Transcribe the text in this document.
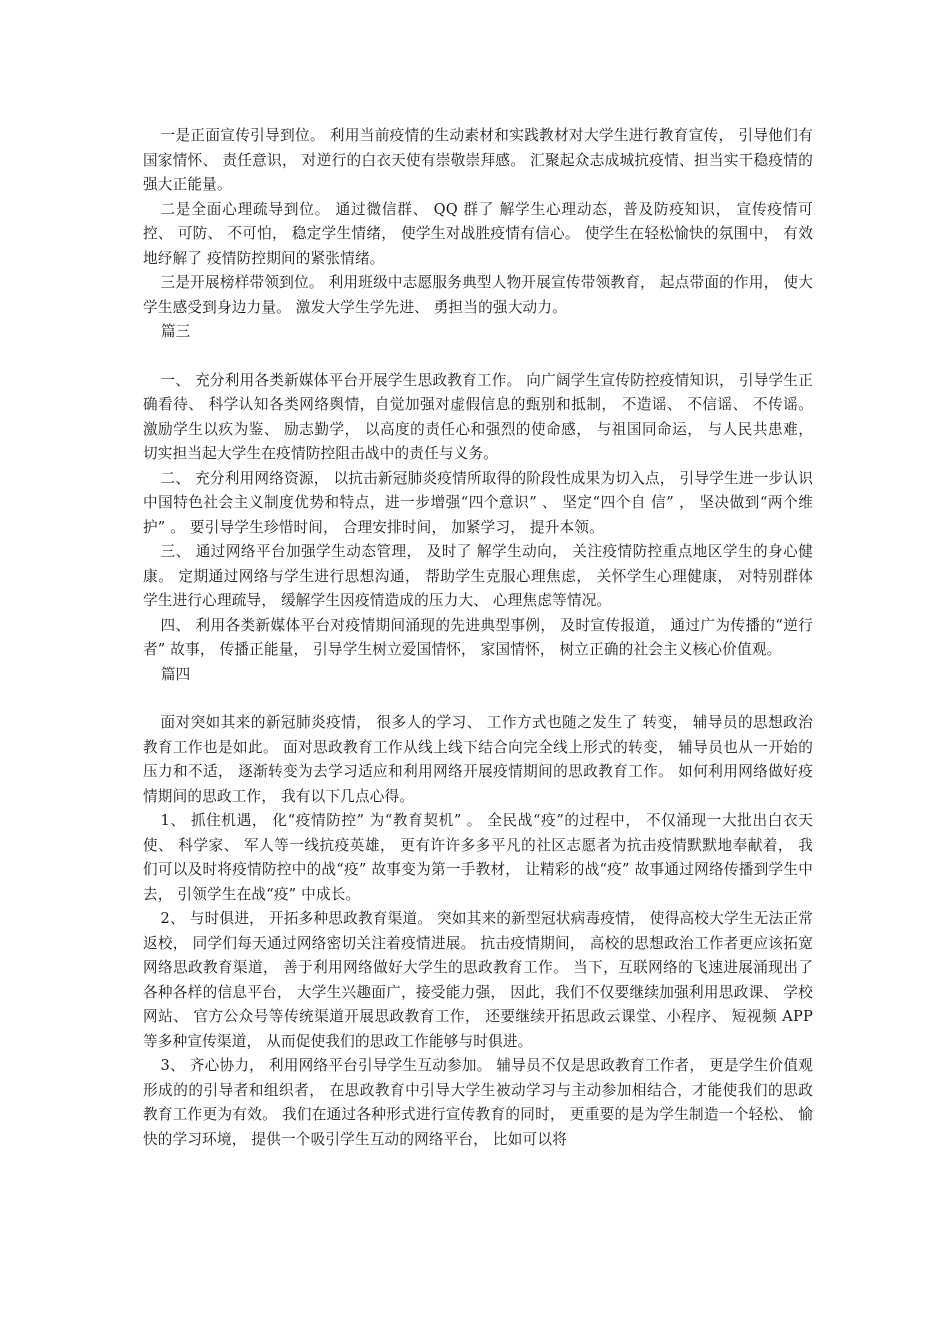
一是正面宣传引导到位。 利用当前疫情的生动素材和实践教材对大学生进行教育宣传， 引导他们有国家情怀、 责任意识， 对逆行的白衣天使有崇敬崇拜感。 汇聚起众志成城抗疫情、担当实干稳疫情的强大正能量。

二是全面心理疏导到位。 通过微信群、 QQ 群了 解学生心理动态，普及防疫知识， 宣传疫情可控、 可防、 不可怕， 稳定学生情绪， 使学生对战胜疫情有信心。 使学生在轻松愉快的氛围中， 有效地纾解了 疫情防控期间的紧张情绪。

三是开展榜样带领到位。 利用班级中志愿服务典型人物开展宣传带领教育， 起点带面的作用， 使大学生感受到身边力量。 激发大学生学先进、 勇担当的强大动力。

篇三

一、 充分利用各类新媒体平台开展学生思政教育工作。 向广阔学生宣传防控疫情知识， 引导学生正确看待、 科学认知各类网络舆情，自觉加强对虚假信息的甄别和抵制， 不造谣、 不信谣、 不传谣。 激励学生以疚为鉴、 励志勤学， 以高度的责任心和强烈的使命感， 与祖国同命运， 与人民共患难， 切实担当起大学生在疫情防控阻击战中的责任与义务。

二、 充分利用网络资源， 以抗击新冠肺炎疫情所取得的阶段性成果为切入点， 引导学生进一步认识中国特色社会主义制度优势和特点，进一步增强“四个意识” 、 坚定“四个自 信” ， 坚决做到“两个维护” 。 要引导学生珍惜时间， 合理安排时间， 加紧学习， 提升本领。

三、 通过网络平台加强学生动态管理， 及时了 解学生动向， 关注疫情防控重点地区学生的身心健康。 定期通过网络与学生进行思想沟通， 帮助学生克服心理焦虑， 关怀学生心理健康， 对特别群体学生进行心理疏导， 缓解学生因疫情造成的压力大、 心理焦虑等情况。

四、 利用各类新媒体平台对疫情期间涌现的先进典型事例， 及时宣传报道， 通过广为传播的“逆行者” 故事， 传播正能量， 引导学生树立爱国情怀， 家国情怀， 树立正确的社会主义核心价值观。

篇四

面对突如其来的新冠肺炎疫情， 很多人的学习、 工作方式也随之发生了 转变， 辅导员的思想政治教育工作也是如此。 面对思政教育工作从线上线下结合向完全线上形式的转变， 辅导员也从一开始的压力和不适， 逐渐转变为去学习适应和利用网络开展疫情期间的思政教育工作。 如何利用网络做好疫情期间的思政工作， 我有以下几点心得。

1、 抓住机遇， 化“疫情防控” 为“教育契机” 。 全民战“疫”的过程中， 不仅涌现一大批出白衣天使、 科学家、 军人等一线抗疫英雄， 更有许许多多平凡的社区志愿者为抗击疫情默默地奉献着， 我们可以及时将疫情防控中的战“疫” 故事变为第一手教材， 让精彩的战“疫” 故事通过网络传播到学生中去， 引领学生在战“疫” 中成长。

2、 与时俱进， 开拓多种思政教育渠道。 突如其来的新型冠状病毒疫情， 使得高校大学生无法正常返校， 同学们每天通过网络密切关注着疫情进展。 抗击疫情期间， 高校的思想政治工作者更应该拓宽网络思政教育渠道， 善于利用网络做好大学生的思政教育工作。 当下，互联网络的飞速进展涌现出了 各种各样的信息平台， 大学生兴趣面广，接受能力强， 因此，我们不仅要继续加强利用思政课、 学校网站、 官方公众号等传统渠道开展思政教育工作， 还要继续开拓思政云课堂、小程序、 短视频 APP 等多种宣传渠道， 从而促使我们的思政工作能够与时俱进。

3、 齐心协力， 利用网络平台引导学生互动参加。 辅导员不仅是思政教育工作者， 更是学生价值观形成的的引导者和组织者， 在思政教育中引导大学生被动学习与主动参加相结合，才能使我们的思政教育工作更为有效。 我们在通过各种形式进行宣传教育的同时， 更重要的是为学生制造一个轻松、 愉快的学习环境， 提供一个吸引学生互动的网络平台， 比如可以将
